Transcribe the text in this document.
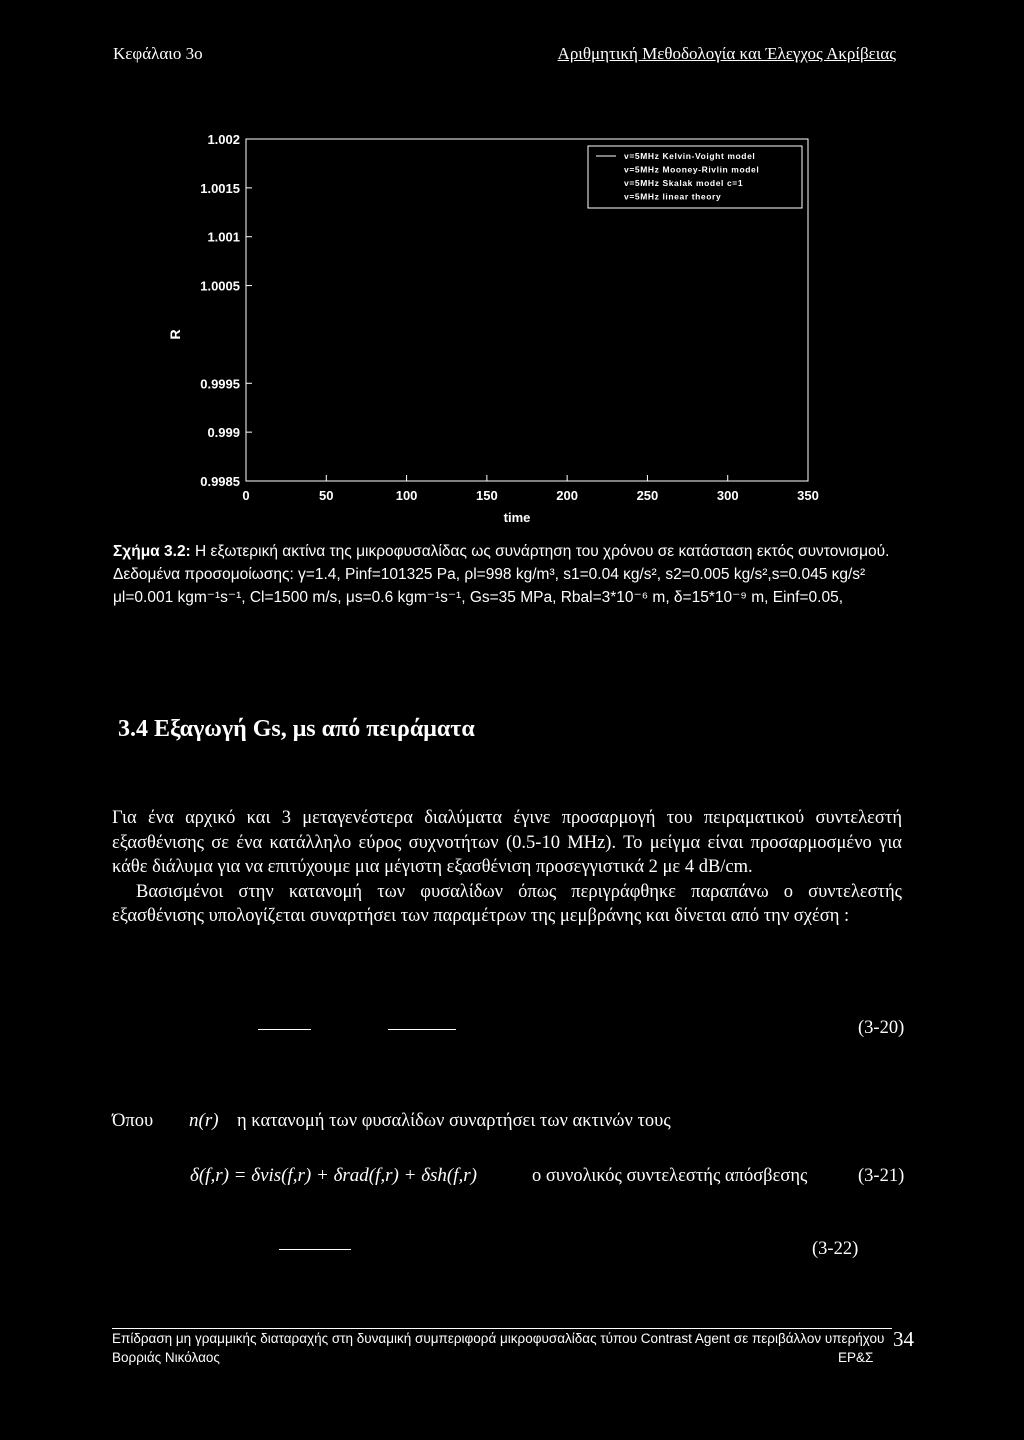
Κεφάλαιο 3ο	Αριθμητική Μεθοδολογία και Έλεγχος Ακρίβειας
0.9985
0.999
0.9995
R
1.0005
1.001
1.0015
1.002
0	50	100	150	200	250	300	350
time
v=5MHz Kelvin-Voight model
v=5MHz Mooney-Rivlin model
v=5MHz Skalak model c=1
v=5MHz linear theory

Σχήμα 3.2: Η εξωτερική ακτίνα της μικροφυσαλίδας ως συνάρτηση του χρόνου σε κατάσταση εκτός συντονισμού.

Δεδομένα προσομοίωσης: γ=1.4, Pinf=101325 Pa, ρl=998 kg/m³, s1=0.04 κg/s², s2=0.005 kg/s²,s=0.045 κg/s²

μl=0.001 kgm⁻¹s⁻¹, Cl=1500 m/s, μs=0.6 kgm⁻¹s⁻¹, Gs=35 MPa, Rbal=3*10⁻⁶ m, δ=15*10⁻⁹ m, Einf=0.05,

3.4 Εξαγωγή Gs, μs από πειράματα

Για ένα αρχικό και 3 μεταγενέστερα διαλύματα έγινε προσαρμογή του πειραματικού συντελεστή εξασθένισης σε ένα κατάλληλο εύρος συχνοτήτων (0.5-10 MHz). Το μείγμα είναι προσαρμοσμένο για κάθε διάλυμα για να επιτύχουμε μια μέγιστη εξασθένιση προσεγγιστικά 2 με 4 dB/cm.

Βασισμένοι στην κατανομή των φυσαλίδων όπως περιγράφθηκε παραπάνω ο συντελεστής εξασθένισης υπολογίζεται συναρτήσει των παραμέτρων της μεμβράνης και δίνεται από την σχέση :

(3-20)
Όπου n(r) η κατανομή των φυσαλίδων συναρτήσει των ακτινών τους
δ(f,r) = δvis(f,r) + δrad(f,r) + δsh(f,r)	ο συνολικός συντελεστής απόσβεσης	(3-21)
(3-22)
Επίδραση μη γραμμικής διαταραχής στη δυναμική συμπεριφορά μικροφυσαλίδας τύπου Contrast Agent σε περιβάλλον υπερήχου
Βορριάς Νικόλαος
34
ΕΡ&Σ
